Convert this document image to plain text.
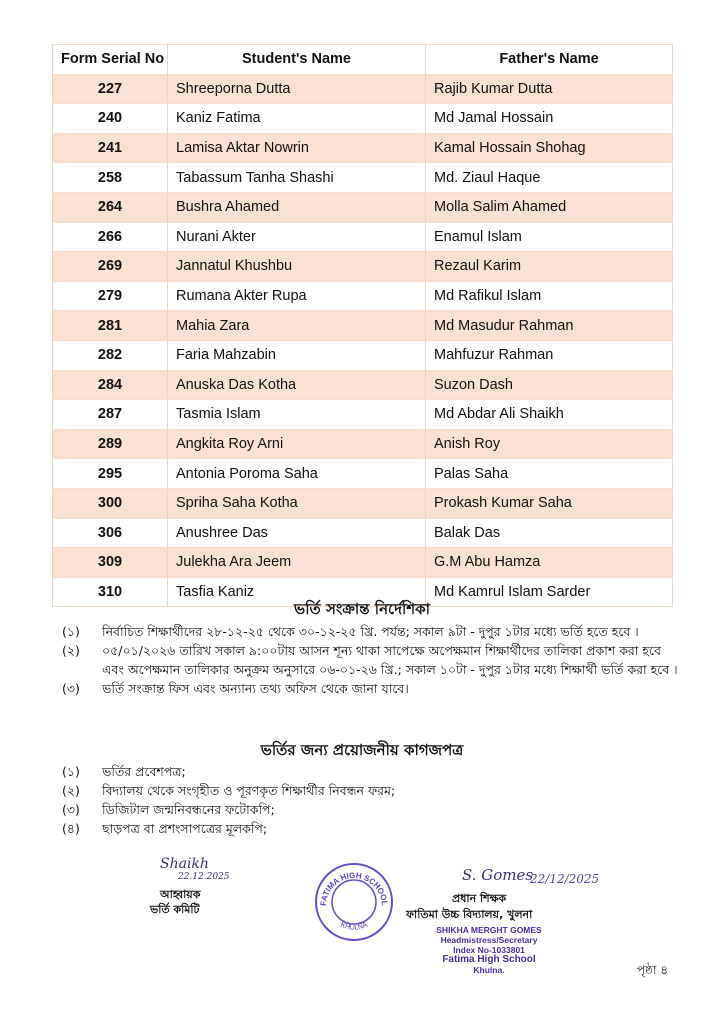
Form Serial No	Student's Name	Father's Name
227	Shreeporna Dutta	Rajib Kumar Dutta
240	Kaniz Fatima	Md Jamal Hossain
241	Lamisa Aktar Nowrin	Kamal Hossain Shohag
258	Tabassum Tanha Shashi	Md. Ziaul Haque
264	Bushra Ahamed	Molla Salim Ahamed
266	Nurani Akter	Enamul Islam
269	Jannatul Khushbu	Rezaul Karim
279	Rumana Akter Rupa	Md Rafikul Islam
281	Mahia Zara	Md Masudur Rahman
282	Faria Mahzabin	Mahfuzur Rahman
284	Anuska Das Kotha	Suzon Dash
287	Tasmia Islam	Md Abdar Ali Shaikh
289	Angkita Roy Arni	Anish Roy
295	Antonia Poroma Saha	Palas Saha
300	Spriha Saha Kotha	Prokash Kumar Saha
306	Anushree Das	Balak Das
309	Julekha Ara Jeem	G.M Abu Hamza
310	Tasfia Kaniz	Md Kamrul Islam Sarder
ভর্তি সংক্রান্ত নির্দেশিকা
(১)	নির্বাচিত শিক্ষার্থীদের ২৮-১২-২৫ থেকে ৩০-১২-২৫ খ্রি. পর্যন্ত; সকাল ৯টা - দুপুর ১টার মধ্যে ভর্তি হতে হবে ।
(২)	০৫/০১/২০২৬ তারিখ সকাল ৯:০০টায় আসন শূন্য থাকা সাপেক্ষে অপেক্ষমান শিক্ষার্থীদের তালিকা প্রকাশ করা হবে এবং অপেক্ষমান তালিকার অনুক্রম অনুসারে ০৬-০১-২৬ খ্রি.; সকাল ১০টা - দুপুর ১টার মধ্যে শিক্ষার্থী ভর্তি করা হবে ।
(৩)	ভর্তি সংক্রান্ত ফিস এবং অন্যান্য তথ্য অফিস থেকে জানা যাবে।
ভর্তির জন্য প্রয়োজনীয় কাগজপত্র
(১)	ভর্তির প্রবেশপত্র;
(২)	বিদ্যালয় থেকে সংগৃহীত ও পূরণকৃত শিক্ষার্থীর নিবন্ধন ফরম;
(৩)	ডিজিটাল জন্মনিবন্ধনের ফটোকপি;
(৪)	ছাড়পত্র বা প্রশংসাপত্রের মূলকপি;
Shaikh
22.12.2025
আহ্বায়ক
ভর্তি কমিটি	FATIMA HIGH SCHOOL
KHULNA
S. Gomes
22/12/2025
প্রধান শিক্ষক
ফাতিমা উচ্চ বিদ্যালয়, খুলনা
SHIKHA MERGHT GOMES
Headmistress/Secretary
Index No-1033801
Fatima High School
Khulna.	পৃষ্ঠা ৪
